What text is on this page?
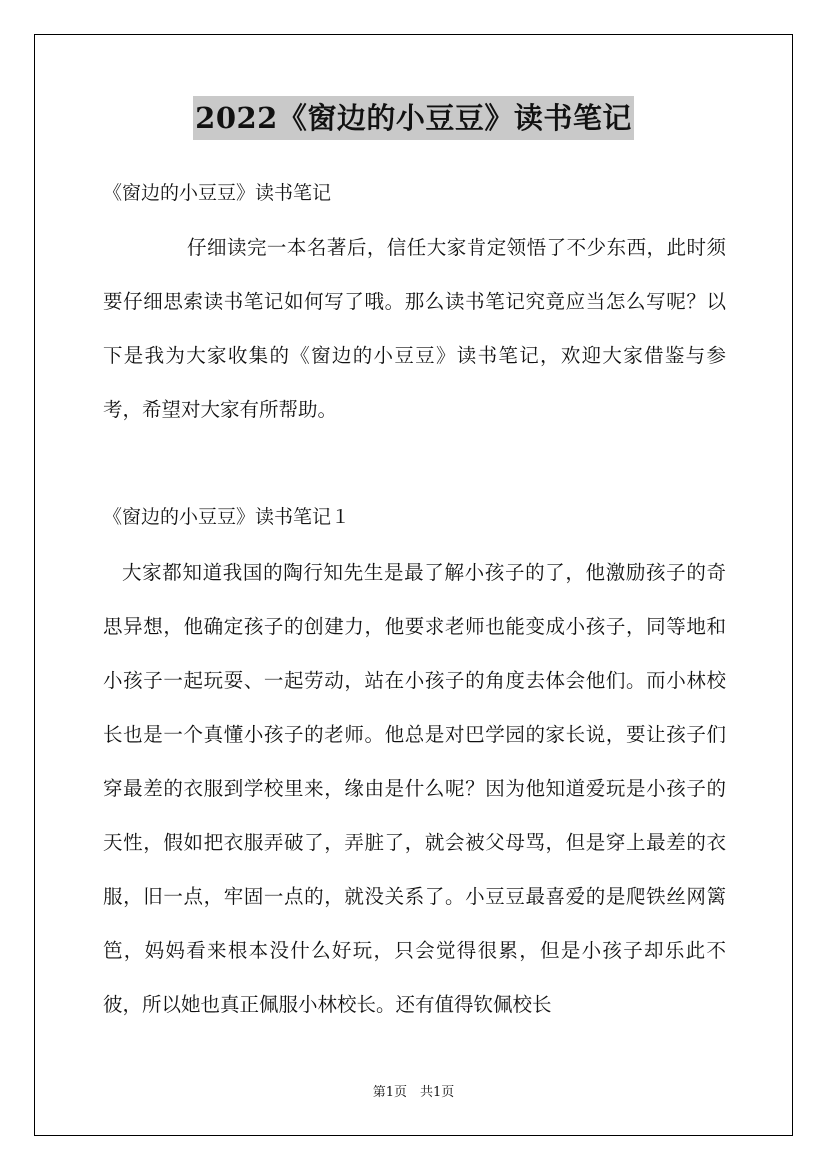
2022《窗边的小豆豆》读书笔记
《窗边的小豆豆》读书笔记

仔细读完一本名著后，信任大家肯定领悟了不少东西，此时须要仔细思索读书笔记如何写了哦。那么读书笔记究竟应当怎么写呢？以下是我为大家收集的《窗边的小豆豆》读书笔记，欢迎大家借鉴与参考，希望对大家有所帮助。

《窗边的小豆豆》读书笔记１

大家都知道我国的陶行知先生是最了解小孩子的了，他激励孩子的奇思异想，他确定孩子的创建力，他要求老师也能变成小孩子，同等地和小孩子一起玩耍、一起劳动，站在小孩子的角度去体会他们。而小林校长也是一个真懂小孩子的老师。他总是对巴学园的家长说，要让孩子们穿最差的衣服到学校里来，缘由是什么呢？因为他知道爱玩是小孩子的天性，假如把衣服弄破了，弄脏了，就会被父母骂，但是穿上最差的衣服，旧一点，牢固一点的，就没关系了。小豆豆最喜爱的是爬铁丝网篱笆，妈妈看来根本没什么好玩，只会觉得很累，但是小孩子却乐此不彼，所以她也真正佩服小林校长。还有值得钦佩校长

第1页　共1页
